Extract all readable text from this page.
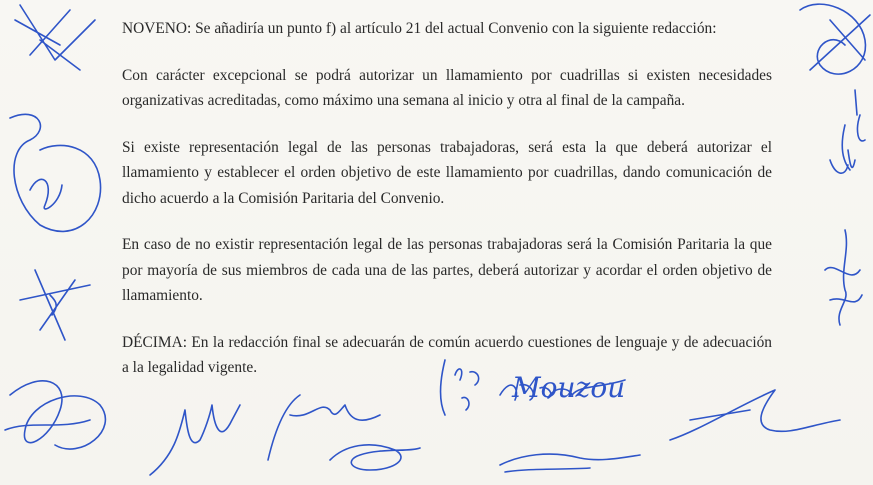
NOVENO: Se añadiría un punto f) al artículo 21 del actual Convenio con la siguiente redacción:

Con carácter excepcional se podrá autorizar un llamamiento por cuadrillas si existen necesidades organizativas acreditadas, como máximo una semana al inicio y otra al final de la campaña.

Si existe representación legal de las personas trabajadoras, será esta la que deberá autorizar el llamamiento y establecer el orden objetivo de este llamamiento por cuadrillas, dando comunicación de dicho acuerdo a la Comisión Paritaria del Convenio.

En caso de no existir representación legal de las personas trabajadoras será la Comisión Paritaria la que por mayoría de sus miembros de cada una de las partes, deberá autorizar y acordar el orden objetivo de llamamiento.

DÉCIMA: En la redacción final se adecuarán de común acuerdo cuestiones de lenguaje y de adecuación a la legalidad vigente.

Mouzou
